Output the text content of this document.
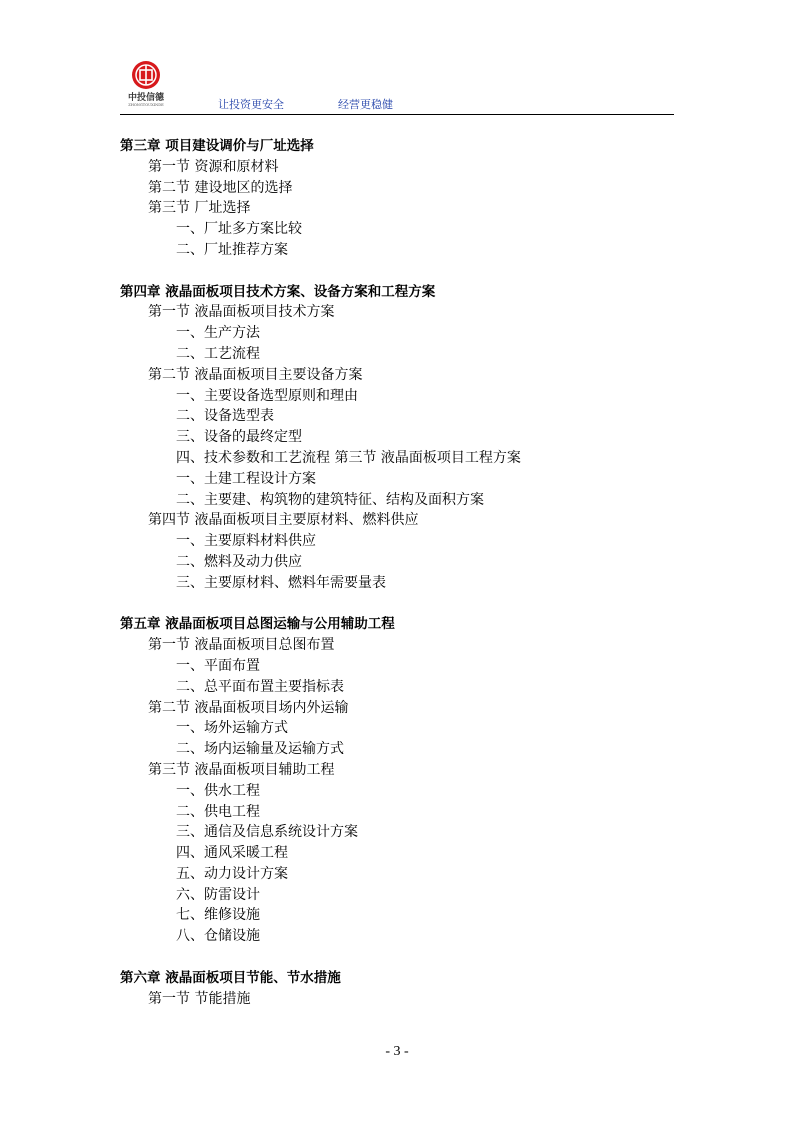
中投信德
ZHONGTOUXINDE	让投资更安全	经营更稳健
第三章 项目建设调价与厂址选择
第一节 资源和原材料
第二节 建设地区的选择
第三节 厂址选择
一、厂址多方案比较
二、厂址推荐方案
第四章 液晶面板项目技术方案、设备方案和工程方案
第一节 液晶面板项目技术方案
一、生产方法
二、工艺流程
第二节 液晶面板项目主要设备方案
一、主要设备选型原则和理由
二、设备选型表
三、设备的最终定型
四、技术参数和工艺流程 第三节 液晶面板项目工程方案
一、土建工程设计方案
二、主要建、构筑物的建筑特征、结构及面积方案
第四节 液晶面板项目主要原材料、燃料供应
一、主要原料材料供应
二、燃料及动力供应
三、主要原材料、燃料年需要量表
第五章 液晶面板项目总图运输与公用辅助工程
第一节 液晶面板项目总图布置
一、平面布置
二、总平面布置主要指标表
第二节 液晶面板项目场内外运输
一、场外运输方式
二、场内运输量及运输方式
第三节 液晶面板项目辅助工程
一、供水工程
二、供电工程
三、通信及信息系统设计方案
四、通风采暖工程
五、动力设计方案
六、防雷设计
七、维修设施
八、仓储设施
第六章 液晶面板项目节能、节水措施
第一节 节能措施
- 3 -
